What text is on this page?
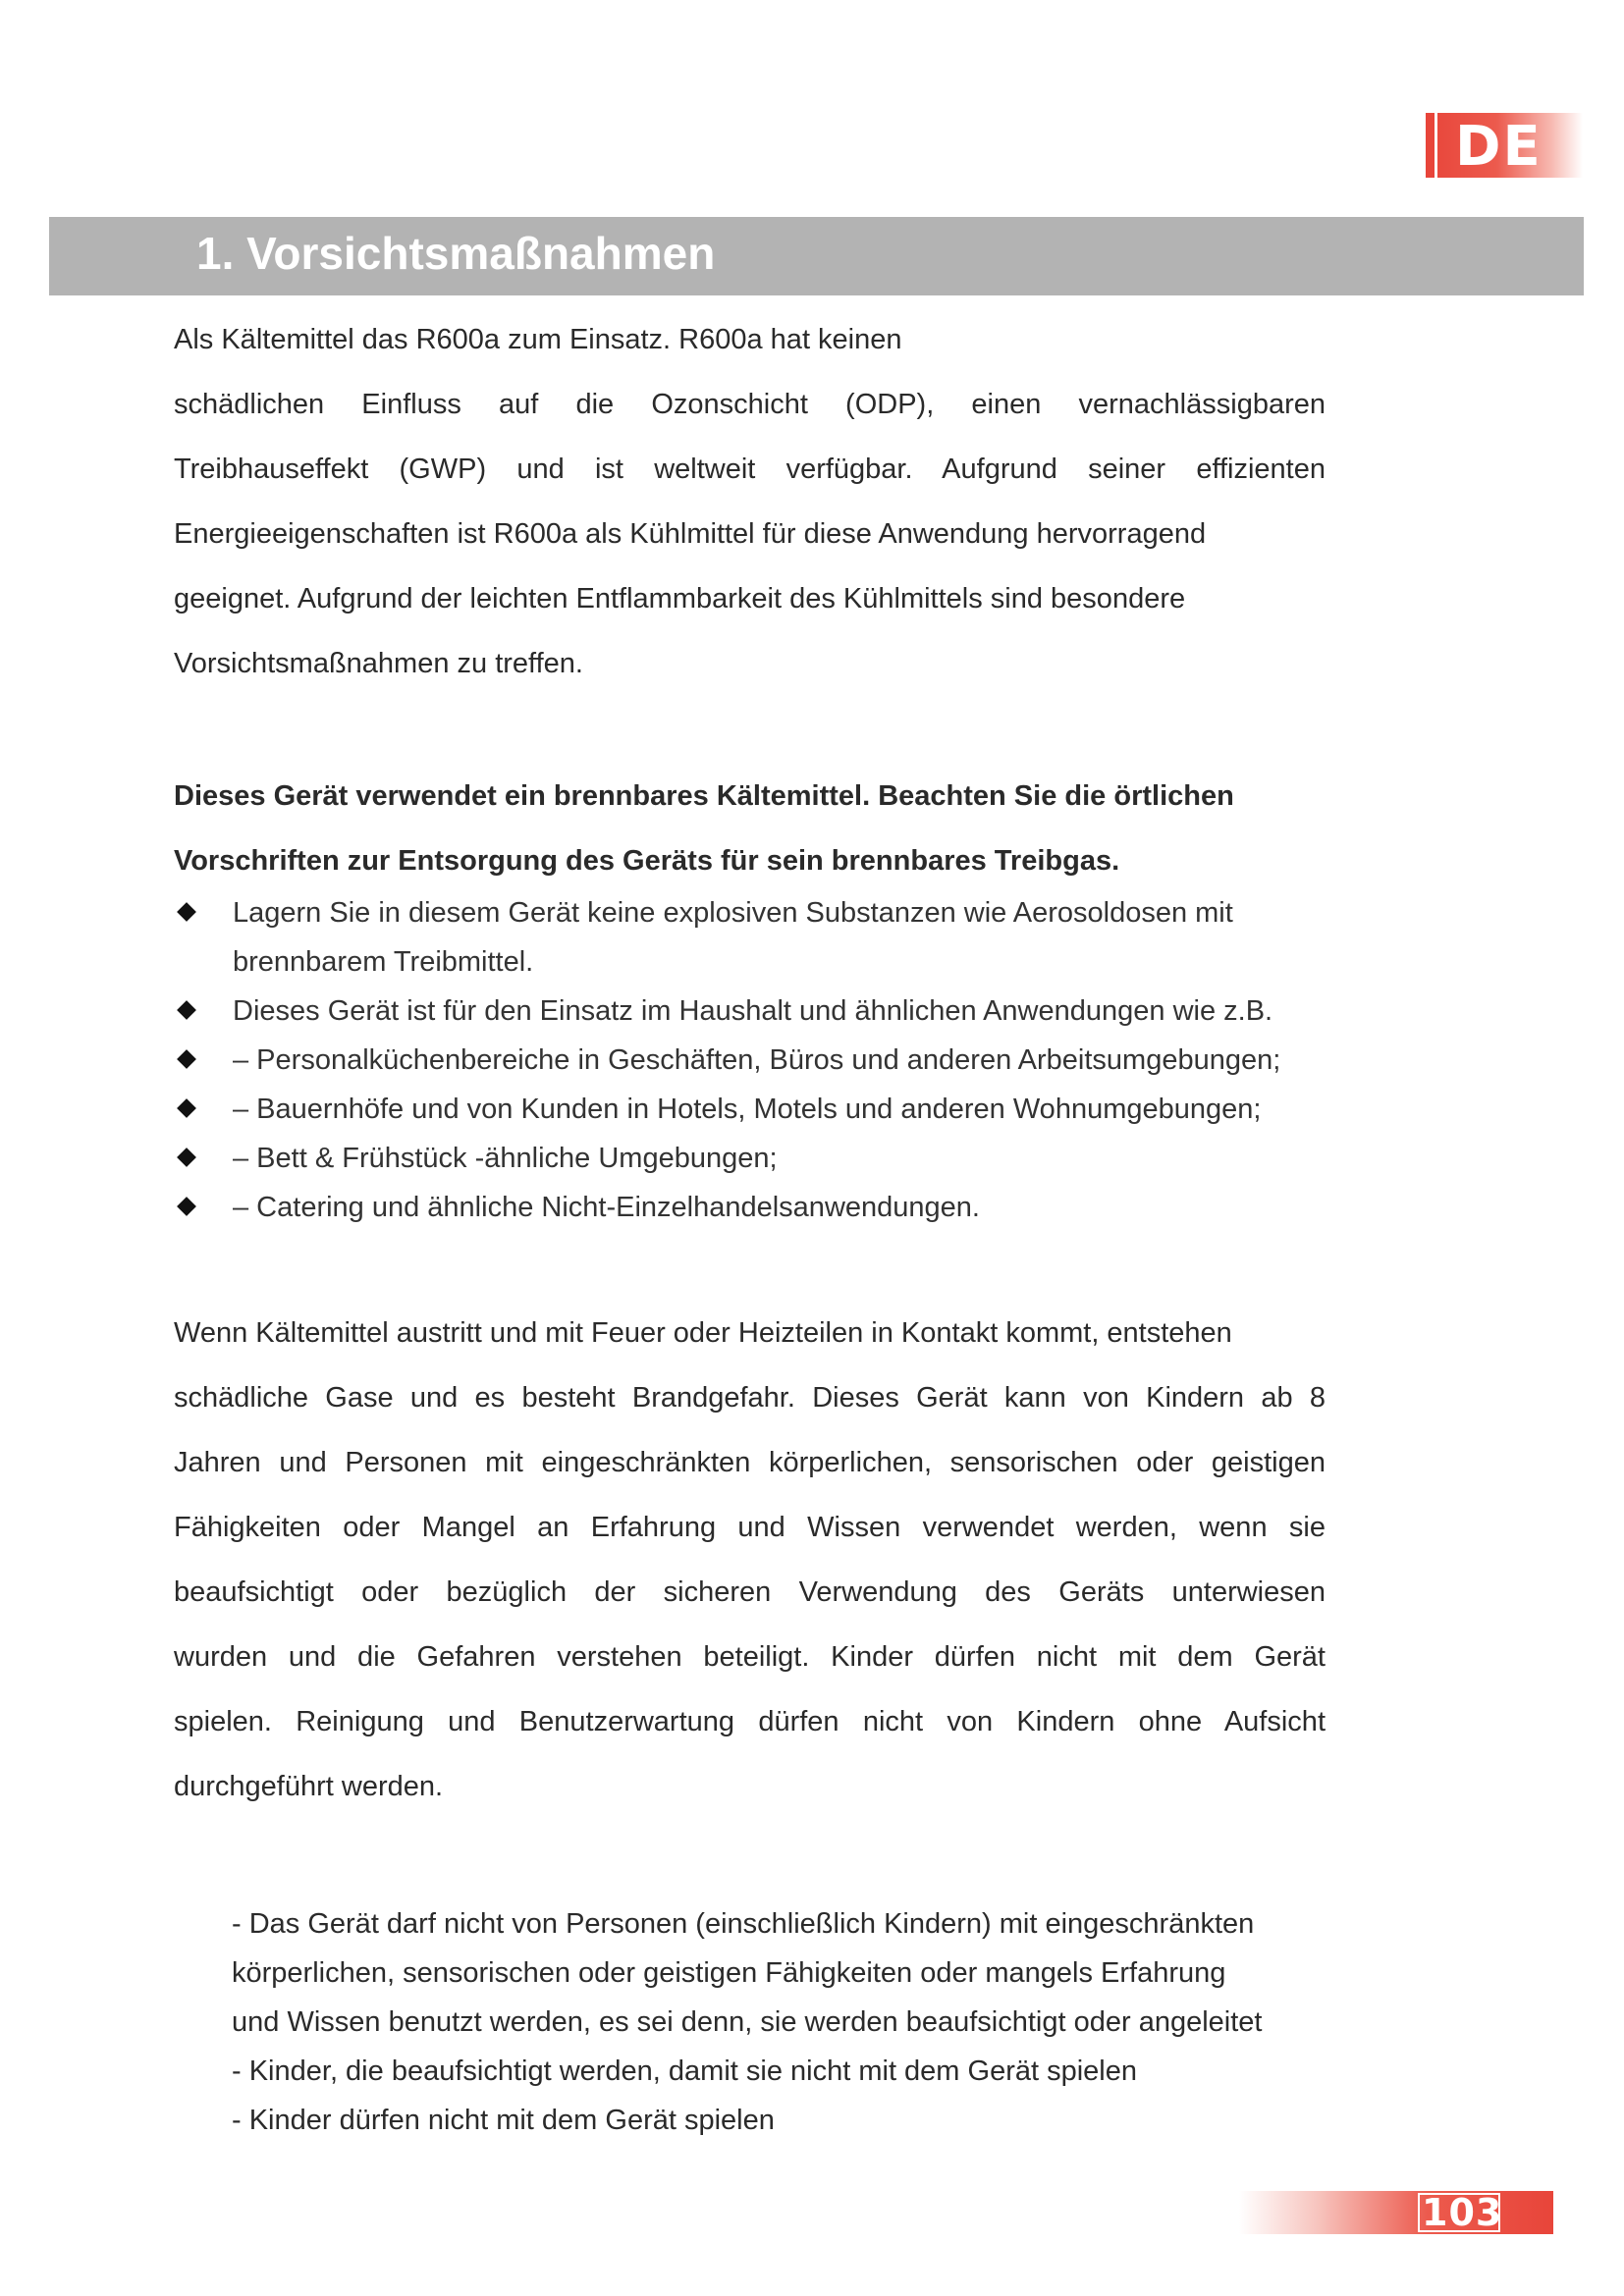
DE
1. Vorsichtsmaßnahmen
Als Kältemittel das R600a zum Einsatz. R600a hat keinen
schädlichen Einfluss auf die Ozonschicht (ODP), einen vernachlässigbaren
Treibhauseffekt (GWP) und ist weltweit verfügbar. Aufgrund seiner effizienten
Energieeigenschaften ist R600a als Kühlmittel für diese Anwendung hervorragend
geeignet. Aufgrund der leichten Entflammbarkeit des Kühlmittels sind besondere
Vorsichtsmaßnahmen zu treffen.
Dieses Gerät verwendet ein brennbares Kältemittel. Beachten Sie die örtlichen
Vorschriften zur Entsorgung des Geräts für sein brennbares Treibgas.
Lagern Sie in diesem Gerät keine explosiven Substanzen wie Aerosoldosen mit
brennbarem Treibmittel.
Dieses Gerät ist für den Einsatz im Haushalt und ähnlichen Anwendungen wie z.B.
– Personalküchenbereiche in Geschäften, Büros und anderen Arbeitsumgebungen;
– Bauernhöfe und von Kunden in Hotels, Motels und anderen Wohnumgebungen;
– Bett & Frühstück -ähnliche Umgebungen;
– Catering und ähnliche Nicht-Einzelhandelsanwendungen.
Wenn Kältemittel austritt und mit Feuer oder Heizteilen in Kontakt kommt, entstehen
schädliche Gase und es besteht Brandgefahr. Dieses Gerät kann von Kindern ab 8
Jahren und Personen mit eingeschränkten körperlichen, sensorischen oder geistigen
Fähigkeiten oder Mangel an Erfahrung und Wissen verwendet werden, wenn sie
beaufsichtigt oder bezüglich der sicheren Verwendung des Geräts unterwiesen
wurden und die Gefahren verstehen beteiligt. Kinder dürfen nicht mit dem Gerät
spielen. Reinigung und Benutzerwartung dürfen nicht von Kindern ohne Aufsicht
durchgeführt werden.
- Das Gerät darf nicht von Personen (einschließlich Kindern) mit eingeschränkten
körperlichen, sensorischen oder geistigen Fähigkeiten oder mangels Erfahrung
und Wissen benutzt werden, es sei denn, sie werden beaufsichtigt oder angeleitet
- Kinder, die beaufsichtigt werden, damit sie nicht mit dem Gerät spielen
- Kinder dürfen nicht mit dem Gerät spielen
103
